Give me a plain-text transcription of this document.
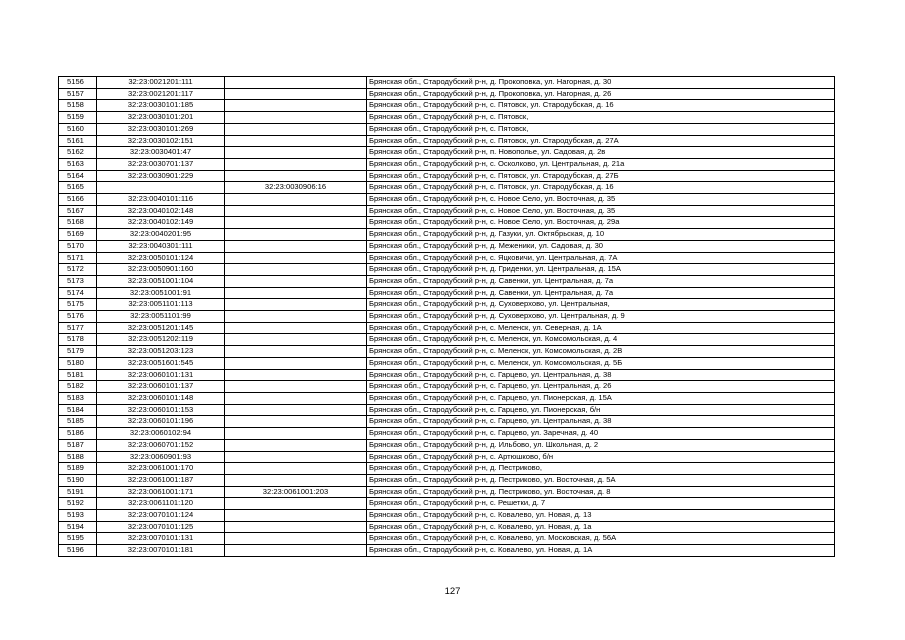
5156	32:23:0021201:111		Брянская обл., Стародубский р-н, д. Прокоповка, ул. Нагорная, д. 30
5157	32:23:0021201:117		Брянская обл., Стародубский р-н, д. Прокоповка, ул. Нагорная, д. 26
5158	32:23:0030101:185		Брянская обл., Стародубский р-н, с. Пятовск, ул. Стародубская, д. 16
5159	32:23:0030101:201		Брянская обл., Стародубский р-н, с. Пятовск,
5160	32:23:0030101:269		Брянская обл., Стародубский р-н, с. Пятовск,
5161	32:23:0030102:151		Брянская обл., Стародубский р-н, с. Пятовск, ул. Стародубская, д. 27А
5162	32:23:0030401:47		Брянская обл., Стародубский р-н, п. Новополье, ул. Садовая, д. 2в
5163	32:23:0030701:137		Брянская обл., Стародубский р-н, с. Осколково, ул. Центральная, д. 21а
5164	32:23:0030901:229		Брянская обл., Стародубский р-н, с. Пятовск, ул. Стародубская, д. 27Б
5165		32:23:0030906:16	Брянская обл., Стародубский р-н, с. Пятовск, ул. Стародубская, д. 16
5166	32:23:0040101:116		Брянская обл., Стародубский р-н, с. Новое Село, ул. Восточная, д. 35
5167	32:23:0040102:148		Брянская обл., Стародубский р-н, с. Новое Село, ул. Восточная, д. 35
5168	32:23:0040102:149		Брянская обл., Стародубский р-н, с. Новое Село, ул. Восточная, д. 29а
5169	32:23:0040201:95		Брянская обл., Стародубский р-н, д. Газуки, ул. Октябрьская, д. 10
5170	32:23:0040301:111		Брянская обл., Стародубский р-н, д. Меженики, ул. Садовая, д. 30
5171	32:23:0050101:124		Брянская обл., Стародубский р-н, с. Яцковичи, ул. Центральная, д. 7А
5172	32:23:0050901:160		Брянская обл., Стародубский р-н, д. Гриденки, ул. Центральная, д. 15А
5173	32:23:0051001:104		Брянская обл., Стародубский р-н, д. Савенки, ул. Центральная, д. 7а
5174	32:23:0051001:91		Брянская обл., Стародубский р-н, д. Савенки, ул. Центральная, д. 7а
5175	32:23:0051101:113		Брянская обл., Стародубский р-н, д. Суховерхово, ул. Центральная,
5176	32:23:0051101:99		Брянская обл., Стародубский р-н, д. Суховерхово, ул. Центральная, д. 9
5177	32:23:0051201:145		Брянская обл., Стародубский р-н, с. Меленск, ул. Северная, д. 1А
5178	32:23:0051202:119		Брянская обл., Стародубский р-н, с. Меленск, ул. Комсомольская, д. 4
5179	32:23:0051203:123		Брянская обл., Стародубский р-н, с. Меленск, ул. Комсомольская, д. 2В
5180	32:23:0051601:545		Брянская обл., Стародубский р-н, с. Меленск, ул. Комсомольская, д. 5Б
5181	32:23:0060101:131		Брянская обл., Стародубский р-н, с. Гарцево, ул. Центральная, д. 38
5182	32:23:0060101:137		Брянская обл., Стародубский р-н, с. Гарцево, ул. Центральная, д. 26
5183	32:23:0060101:148		Брянская обл., Стародубский р-н, с. Гарцево, ул. Пионерская, д. 15А
5184	32:23:0060101:153		Брянская обл., Стародубский р-н, с. Гарцево, ул. Пионерская, б/н
5185	32:23:0060101:196		Брянская обл., Стародубский р-н, с. Гарцево, ул. Центральная, д. 38
5186	32:23:0060102:94		Брянская обл., Стародубский р-н, с. Гарцево, ул. Заречная, д. 40
5187	32:23:0060701:152		Брянская обл., Стародубский р-н, д. Ильбово, ул. Школьная, д. 2
5188	32:23:0060901:93		Брянская обл., Стародубский р-н, с. Артюшково, б/н
5189	32:23:0061001:170		Брянская обл., Стародубский р-н, д. Пестриково,
5190	32:23:0061001:187		Брянская обл., Стародубский р-н, д. Пестриково, ул. Восточная, д. 5А
5191	32:23:0061001:171	32:23:0061001:203	Брянская обл., Стародубский р-н, д. Пестриково, ул. Восточная, д. 8
5192	32:23:0061101:120		Брянская обл., Стародубский р-н, с. Решетки, д. 7
5193	32:23:0070101:124		Брянская обл., Стародубский р-н, с. Ковалево, ул. Новая, д. 13
5194	32:23:0070101:125		Брянская обл., Стародубский р-н, с. Ковалево, ул. Новая, д. 1а
5195	32:23:0070101:131		Брянская обл., Стародубский р-н, с. Ковалево, ул. Московская, д. 56А
5196	32:23:0070101:181		Брянская обл., Стародубский р-н, с. Ковалево, ул. Новая, д. 1А
127
